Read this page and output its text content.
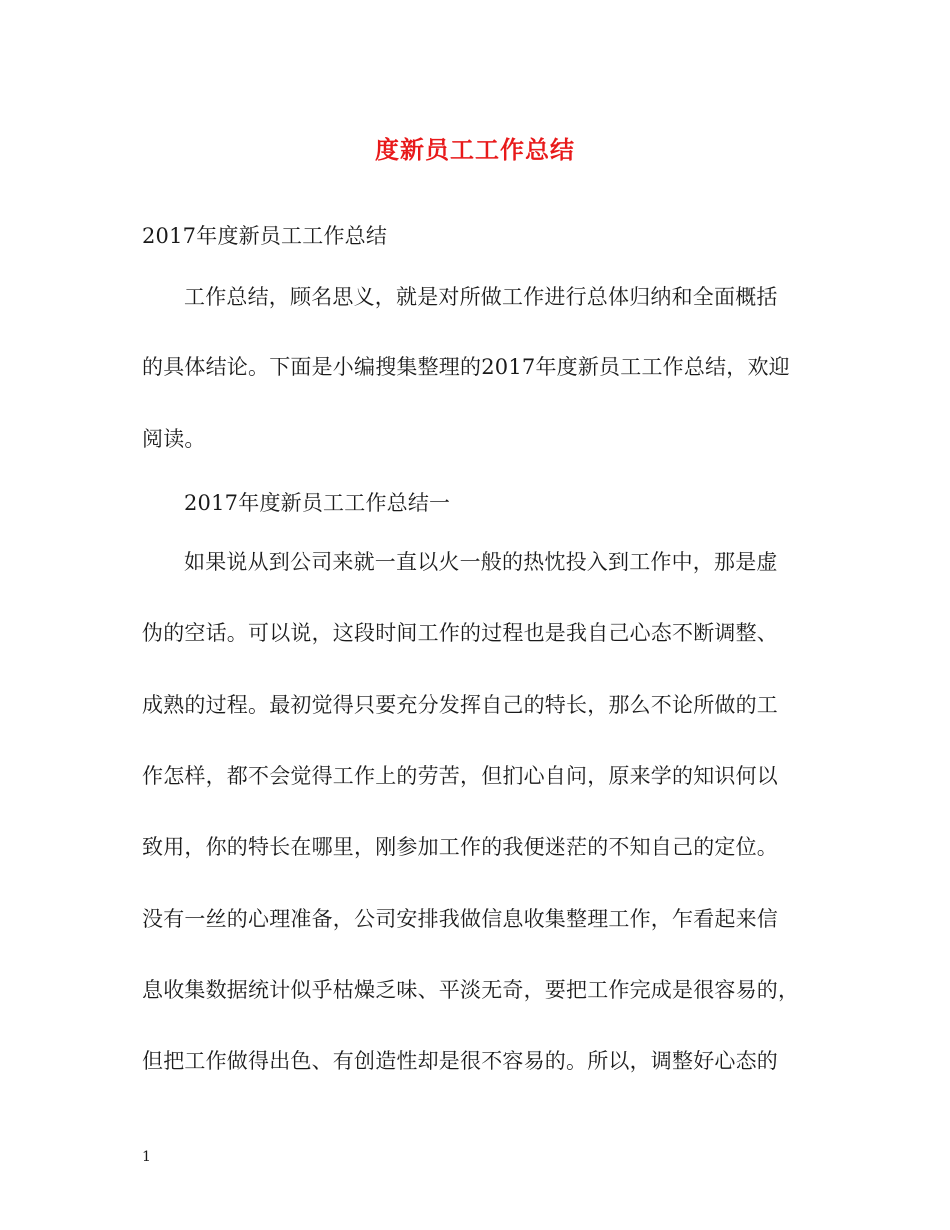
度新员工工作总结
2017年度新员工工作总结
工作总结，顾名思义，就是对所做工作进行总体归纳和全面概括
的具体结论。下面是小编搜集整理的2017年度新员工工作总结，欢迎
阅读。
2017年度新员工工作总结一
如果说从到公司来就一直以火一般的热忱投入到工作中，那是虚
伪的空话。可以说，这段时间工作的过程也是我自己心态不断调整、
成熟的过程。最初觉得只要充分发挥自己的特长，那么不论所做的工
作怎样，都不会觉得工作上的劳苦，但扪心自问，原来学的知识何以
致用，你的特长在哪里，刚参加工作的我便迷茫的不知自己的定位。
没有一丝的心理准备，公司安排我做信息收集整理工作，乍看起来信
息收集数据统计似乎枯燥乏味、平淡无奇，要把工作完成是很容易的，
但把工作做得出色、有创造性却是很不容易的。所以，调整好心态的
1
